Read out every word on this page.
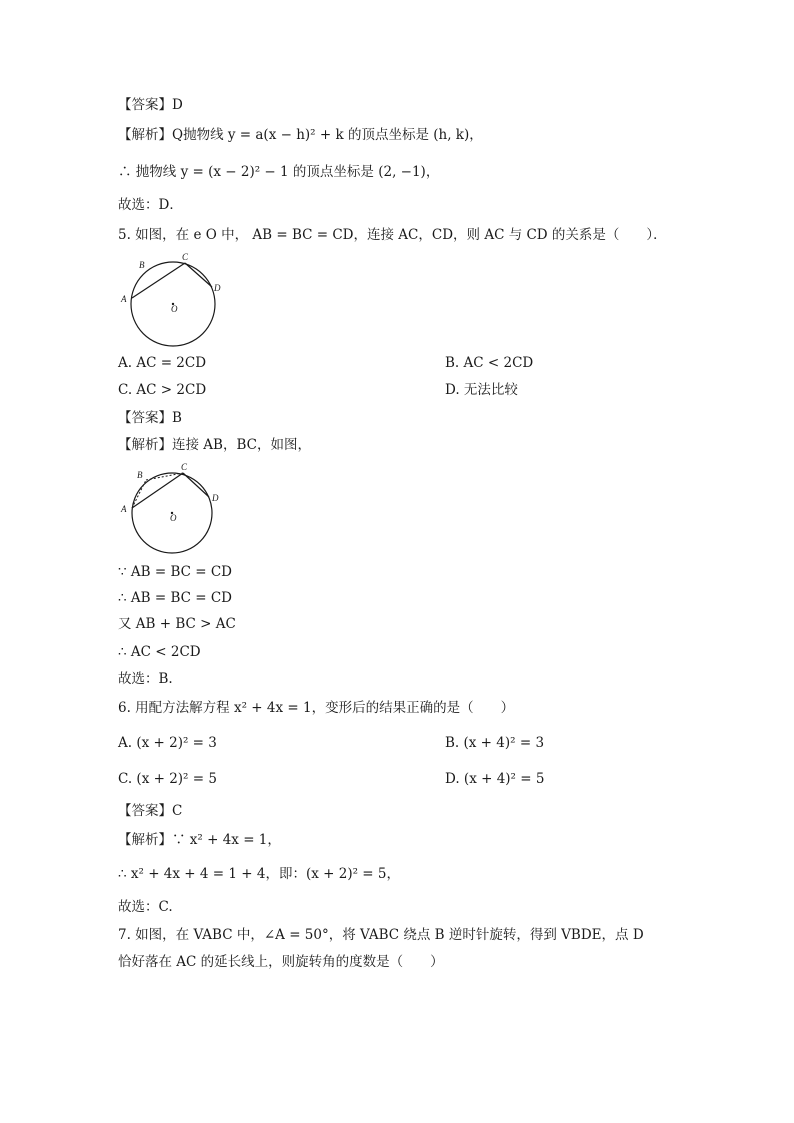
【答案】D
【解析】Q抛物线 y = a(x − h)² + k 的顶点坐标是 (h, k)，
∴ 抛物线 y = (x − 2)² − 1 的顶点坐标是 (2, −1)，
故选：D．
5. 如图，在 e O 中， AB = BC = CD，连接 AC，CD，则 AC 与 CD 的关系是（　　）．
A
B
C
D
O
A. AC = 2CD	B. AC < 2CD
C. AC > 2CD	D. 无法比较
【答案】B
【解析】连接 AB，BC，如图，
A
B
C
D
O
∵ AB = BC = CD
∴ AB = BC = CD
又 AB + BC > AC
∴ AC < 2CD
故选：B.
6. 用配方法解方程 x² + 4x = 1，变形后的结果正确的是（　　）
A. (x + 2)² = 3	B. (x + 4)² = 3
C. (x + 2)² = 5	D. (x + 4)² = 5
【答案】C
【解析】∵ x² + 4x = 1，
∴ x² + 4x + 4 = 1 + 4，即：(x + 2)² = 5，
故选：C.
7. 如图，在 VABC 中，∠A = 50°，将 VABC 绕点 B 逆时针旋转，得到 VBDE，点 D
恰好落在 AC 的延长线上，则旋转角的度数是（　　）
